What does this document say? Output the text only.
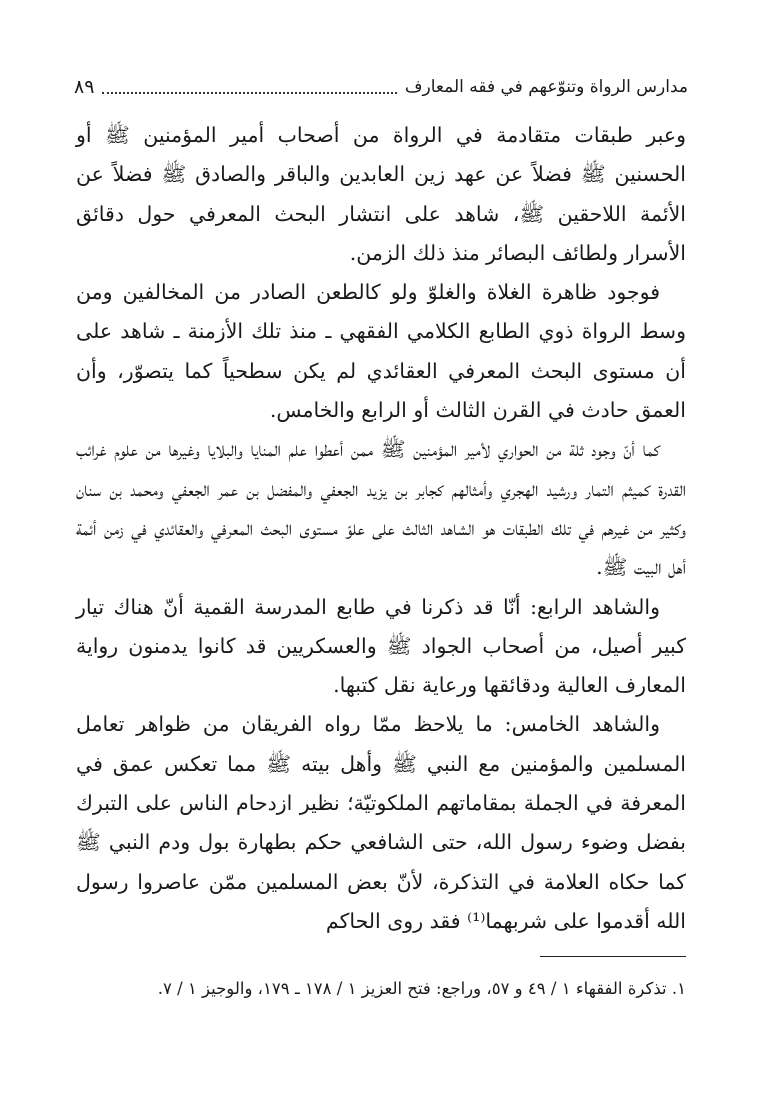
مدارس الرواة وتنوّعهم في فقه المعارف
٨٩

وعبر طبقات متقادمة في الرواة من أصحاب أمير المؤمنين ﷺ أو الحسنين ﷺ فضلاً عن عهد زين العابدين والباقر والصادق ﷺ فضلاً عن الأئمة اللاحقين ﷺ، شاهد على انتشار البحث المعرفي حول دقائق الأسرار ولطائف البصائر منذ ذلك الزمن.

فوجود ظاهرة الغلاة والغلوّ ولو كالطعن الصادر من المخالفين ومن وسط الرواة ذوي الطابع الكلامي الفقهي ـ منذ تلك الأزمنة ـ شاهد على أن مستوى البحث المعرفي العقائدي لم يكن سطحياً كما يتصوّر، وأن العمق حادث في القرن الثالث أو الرابع والخامس.

كما أنّ وجود ثلة من الحواري لأمير المؤمنين ﷺ ممن أعطوا علم المنايا والبلايا وغيرها من علوم غرائب القدرة كميثم التمار ورشيد الهجري وأمثالهم كجابر بن يزيد الجعفي والمفضل بن عمر الجعفي ومحمد بن سنان وكثير من غيرهم في تلك الطبقات هو الشاهد الثالث على علوّ مستوى البحث المعرفي والعقائدي في زمن أئمة أهل البيت ﷺ.

والشاهد الرابع: أنّا قد ذكرنا في طابع المدرسة القمية أنّ هناك تيار كبير أصيل، من أصحاب الجواد ﷺ والعسكريين قد كانوا يدمنون رواية المعارف العالية ودقائقها ورعاية نقل كتبها.

والشاهد الخامس: ما يلاحظ ممّا رواه الفريقان من ظواهر تعامل المسلمين والمؤمنين مع النبي ﷺ وأهل بيته ﷺ مما تعكس عمق في المعرفة في الجملة بمقاماتهم الملكوتيّة؛ نظير ازدحام الناس على التبرك بفضل وضوء رسول الله، حتى الشافعي حكم بطهارة بول ودم النبي ﷺ كما حكاه العلامة في التذكرة، لأنّ بعض المسلمين ممّن عاصروا رسول الله أقدموا على شربهما⁽¹⁾ فقد روى الحاكم

١. تذكرة الفقهاء ١ / ٤٩ و ٥٧، وراجع: فتح العزيز ١ / ١٧٨ ـ ١٧٩، والوجيز ١ / ٧.
